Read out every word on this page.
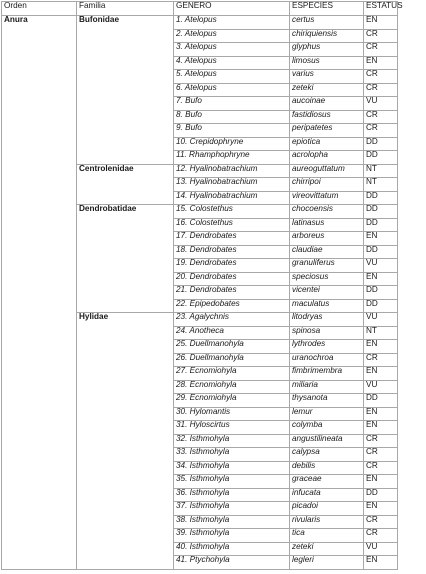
Orden	Familia	GENERO	ESPECIES	ESTATUS
Anura	Bufonidae	1. Atelopus	certus	EN
		2. Atelopus	chiriquiensis	CR
		3. Atelopus	glyphus	CR
		4. Atelopus	limosus	EN
		5. Atelopus	varius	CR
		6. Atelopus	zeteki	CR
		7. Bufo	aucoinae	VU
		8. Bufo	fastidiosus	CR
		9. Bufo	peripatetes	CR
		10. Crepidophryne	epiotica	DD
		11. Rhamphophryne	acrolopha	DD
	Centrolenidae	12. Hyalinobatrachium	aureoguttatum	NT
		13. Hyalinobatrachium	chirripoi	NT
		14. Hyalinobatrachium	vireovittatum	DD
	Dendrobatidae	15. Colostethus	chocoensis	DD
		16. Colostethus	latinasus	DD
		17. Dendrobates	arboreus	EN
		18. Dendrobates	claudiae	DD
		19. Dendrobates	granuliferus	VU
		20. Dendrobates	speciosus	EN
		21. Dendrobates	vicentei	DD
		22. Epipedobates	maculatus	DD
	Hylidae	23. Agalychnis	litodryas	VU
		24. Anotheca	spinosa	NT
		25. Duellmanohyla	lythrodes	EN
		26. Duellmanohyla	uranochroa	CR
		27. Ecnomiohyla	fimbrimembra	EN
		28. Ecnomiohyla	miliaria	VU
		29. Ecnomiohyla	thysanota	DD
		30. Hylomantis	lemur	EN
		31. Hyloscirtus	colymba	EN
		32. Isthmohyla	angustilineata	CR
		33. Isthmohyla	calypsa	CR
		34. Isthmohyla	debilis	CR
		35. Isthmohyla	graceae	EN
		36. Isthmohyla	infucata	DD
		37. Isthmohyla	picadoi	EN
		38. Isthmohyla	rivularis	CR
		39. Isthmohyla	tica	CR
		40. Isthmohyla	zeteki	VU
		41. Ptychohyla	legleri	EN
